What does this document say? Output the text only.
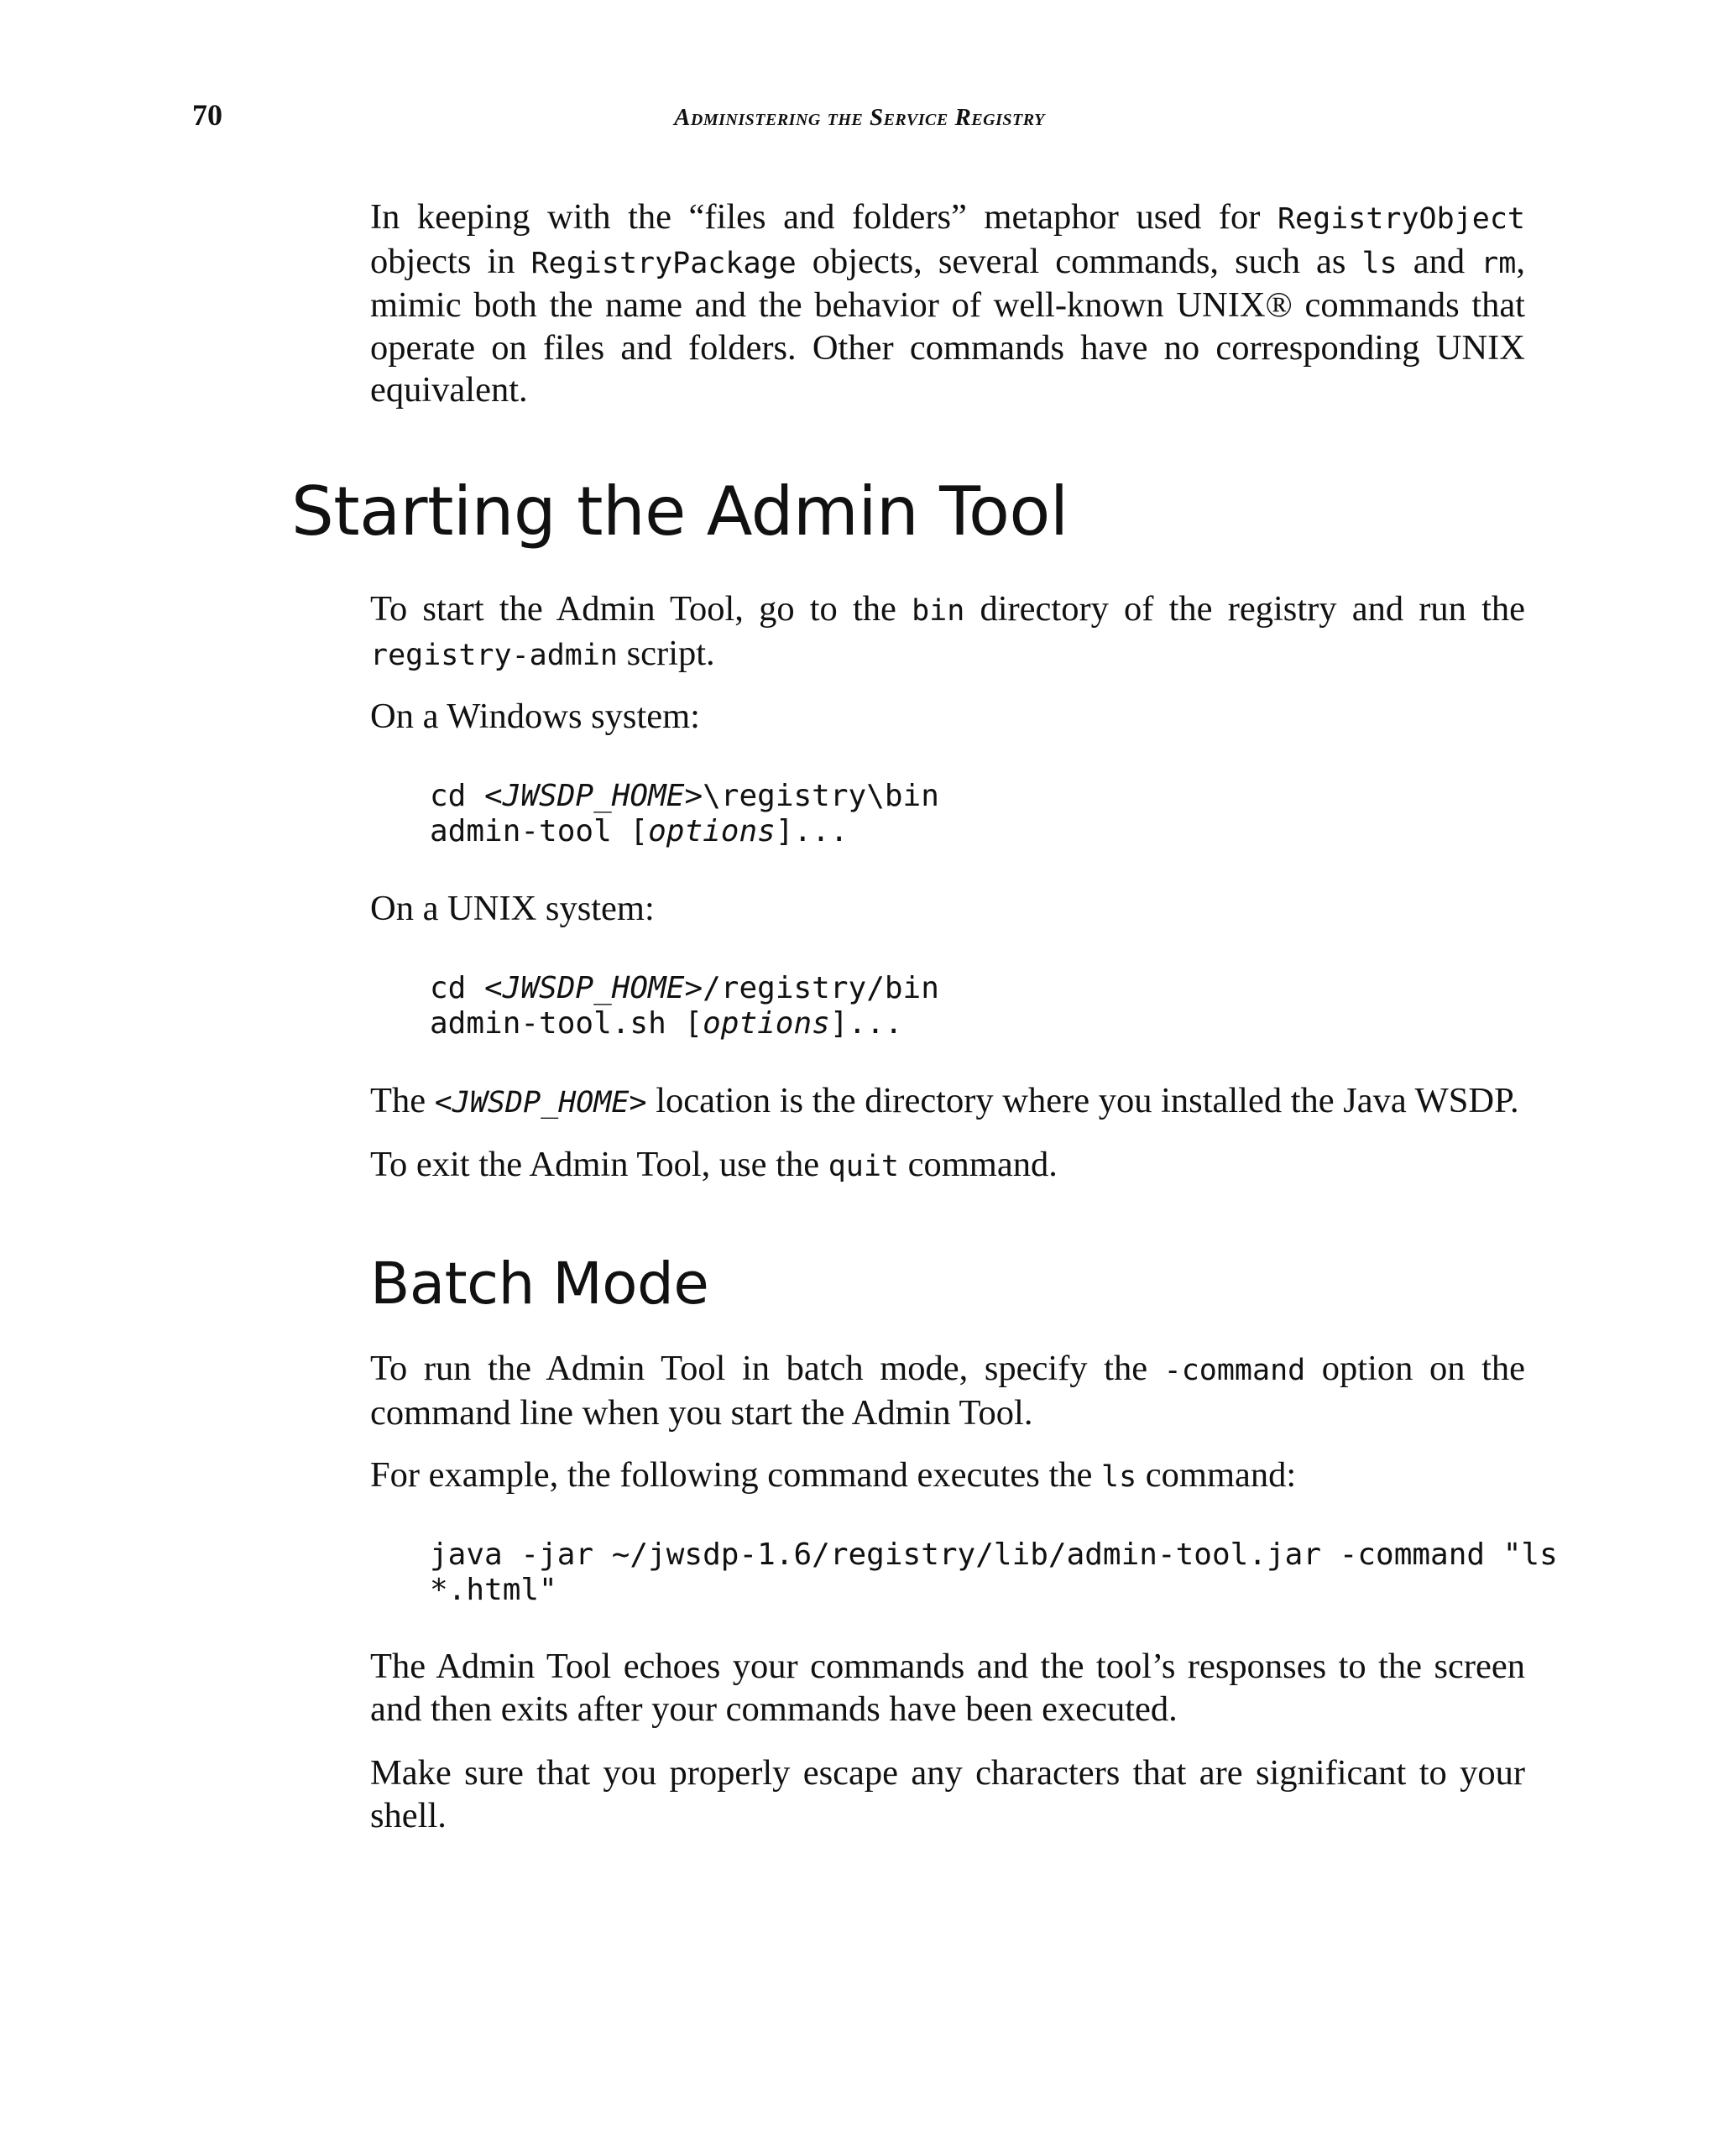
70	Administering the Service Registry

In keeping with the “files and folders” metaphor used for RegistryObject objects in RegistryPackage objects, several commands, such as ls and rm, mimic both the name and the behavior of well-known UNIX® commands that operate on files and folders. Other commands have no corresponding UNIX equivalent.

Starting the Admin Tool

To start the Admin Tool, go to the bin directory of the registry and run the registry-admin script.

On a Windows system:

cd <JWSDP_HOME>\registry\bin
admin-tool [options]...

On a UNIX system:

cd <JWSDP_HOME>/registry/bin
admin-tool.sh [options]...

The <JWSDP_HOME> location is the directory where you installed the Java WSDP.

To exit the Admin Tool, use the quit command.

Batch Mode

To run the Admin Tool in batch mode, specify the -command option on the command line when you start the Admin Tool.

For example, the following command executes the ls command:

java -jar ~/jwsdp-1.6/registry/lib/admin-tool.jar -command "ls
*.html"

The Admin Tool echoes your commands and the tool’s responses to the screen and then exits after your commands have been executed.

Make sure that you properly escape any characters that are significant to your shell.
